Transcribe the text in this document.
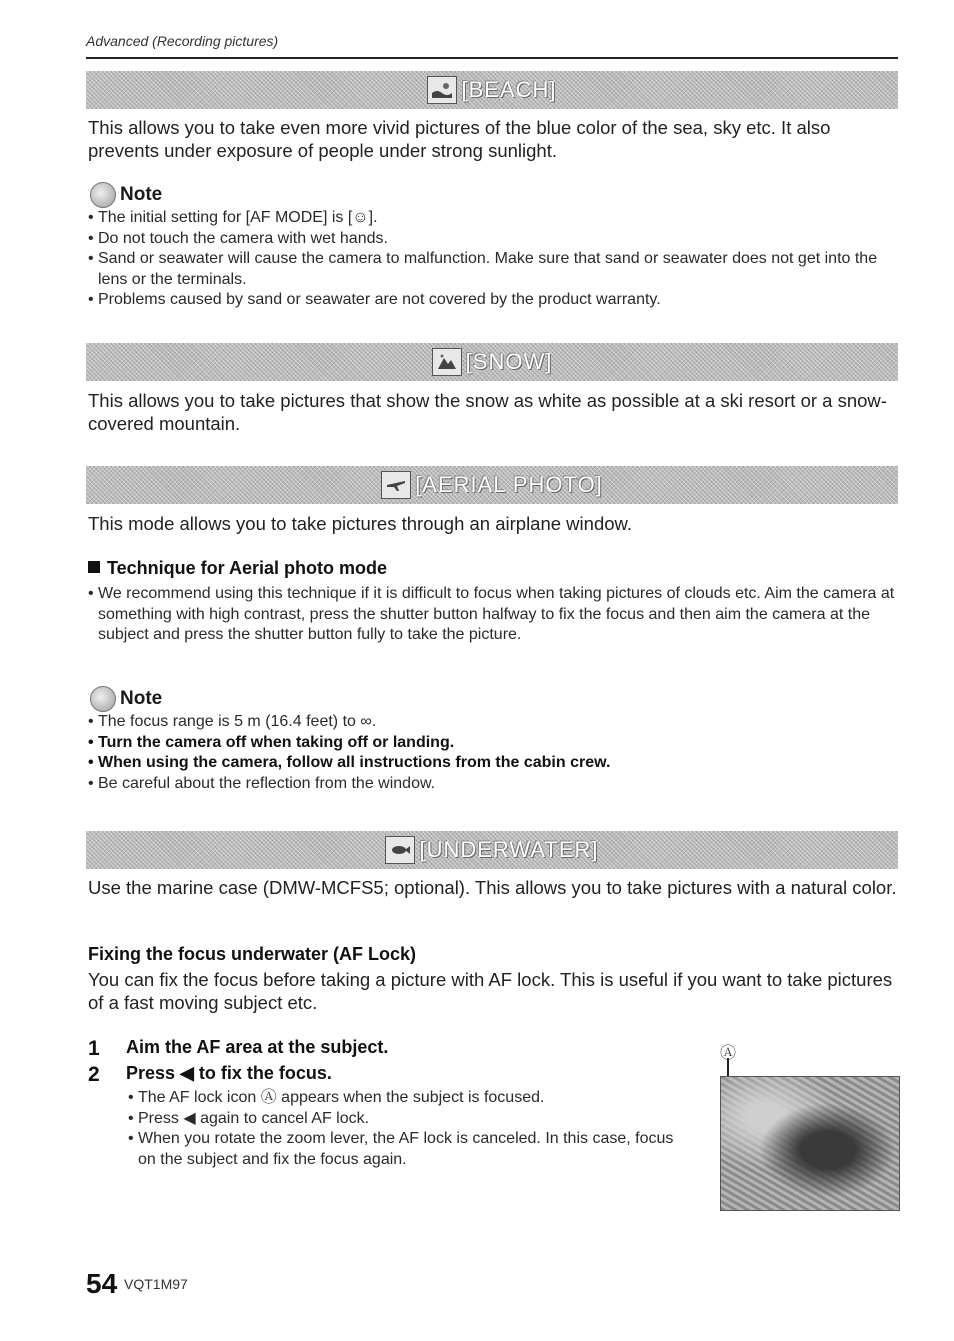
Advanced (Recording pictures)
[BEACH]
This allows you to take even more vivid pictures of the blue color of the sea, sky etc. It also prevents under exposure of people under strong sunlight.
Note
• The initial setting for [AF MODE] is [☺].
• Do not touch the camera with wet hands.
• Sand or seawater will cause the camera to malfunction. Make sure that sand or seawater does not get into the lens or the terminals.
• Problems caused by sand or seawater are not covered by the product warranty.
[SNOW]
This allows you to take pictures that show the snow as white as possible at a ski resort or a snow-covered mountain.
[AERIAL PHOTO]
This mode allows you to take pictures through an airplane window.
Technique for Aerial photo mode
• We recommend using this technique if it is difficult to focus when taking pictures of clouds etc. Aim the camera at something with high contrast, press the shutter button halfway to fix the focus and then aim the camera at the subject and press the shutter button fully to take the picture.
Note
• The focus range is 5 m (16.4 feet) to ∞.
• Turn the camera off when taking off or landing.
• When using the camera, follow all instructions from the cabin crew.
• Be careful about the reflection from the window.
[UNDERWATER]
Use the marine case (DMW-MCFS5; optional). This allows you to take pictures with a natural color.
Fixing the focus underwater (AF Lock)
You can fix the focus before taking a picture with AF lock. This is useful if you want to take pictures of a fast moving subject etc.
1	Aim the AF area at the subject.
2	Press ◀ to fix the focus.
• The AF lock icon Ⓐ appears when the subject is focused.
• Press ◀ again to cancel AF lock.
• When you rotate the zoom lever, the AF lock is canceled. In this case, focus on the subject and fix the focus again.
Ⓐ
54 VQT1M97
